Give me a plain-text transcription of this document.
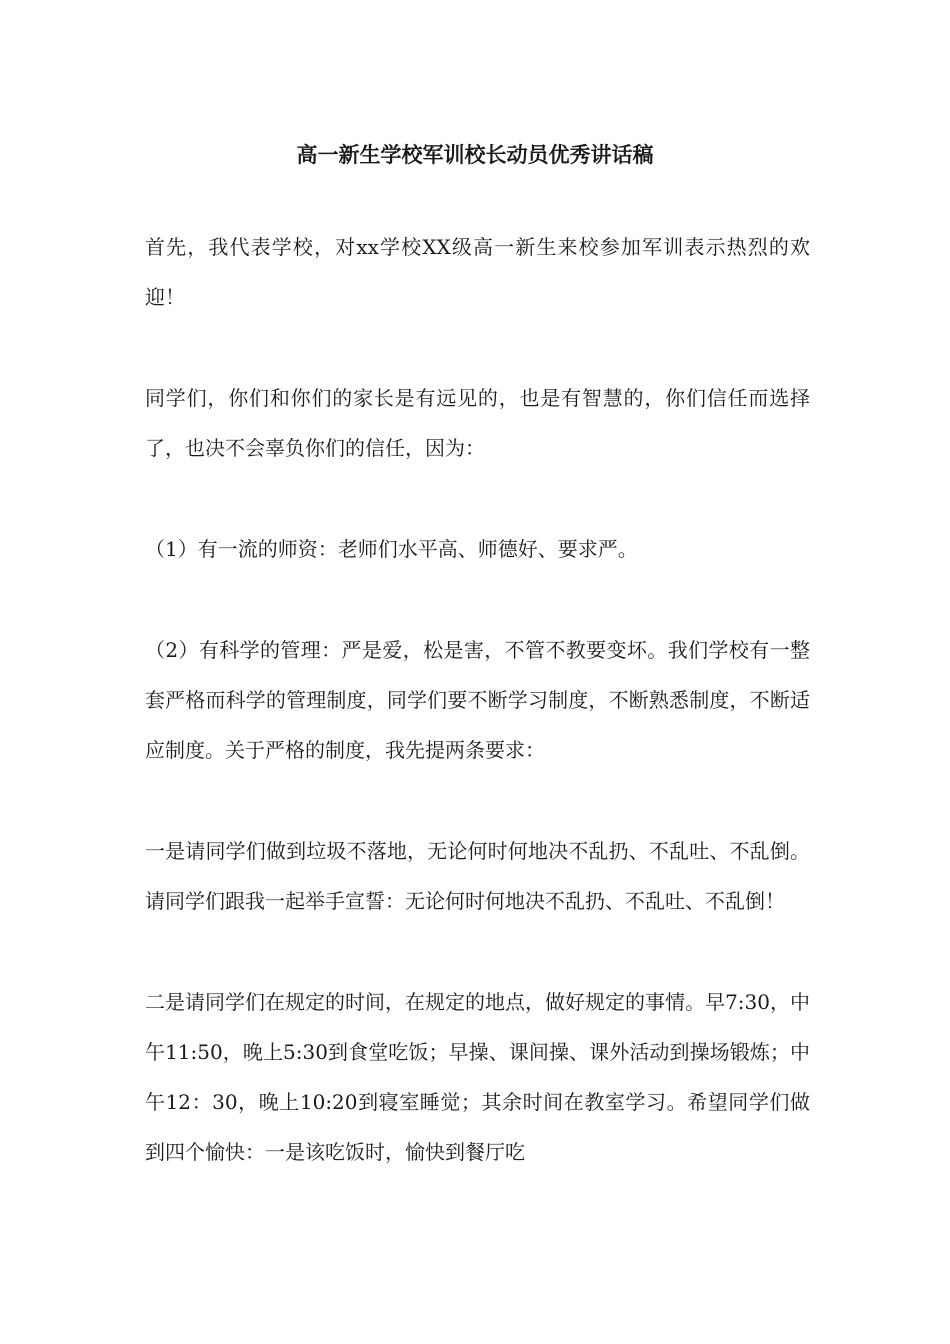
高一新生学校军训校长动员优秀讲话稿

首先，我代表学校，对xx学校XX级高一新生来校参加军训表示热烈的欢迎！

同学们，你们和你们的家长是有远见的，也是有智慧的，你们信任而选择了，也决不会辜负你们的信任，因为：

（1）有一流的师资：老师们水平高、师德好、要求严。

（2）有科学的管理：严是爱，松是害，不管不教要变坏。我们学校有一整套严格而科学的管理制度，同学们要不断学习制度，不断熟悉制度，不断适应制度。关于严格的制度，我先提两条要求：

一是请同学们做到垃圾不落地，无论何时何地决不乱扔、不乱吐、不乱倒。请同学们跟我一起举手宣誓：无论何时何地决不乱扔、不乱吐、不乱倒！

二是请同学们在规定的时间，在规定的地点，做好规定的事情。早7:30，中午11:50，晚上5:30到食堂吃饭；早操、课间操、课外活动到操场锻炼；中午12：30，晚上10:20到寝室睡觉；其余时间在教室学习。希望同学们做到四个愉快：一是该吃饭时，愉快到餐厅吃
